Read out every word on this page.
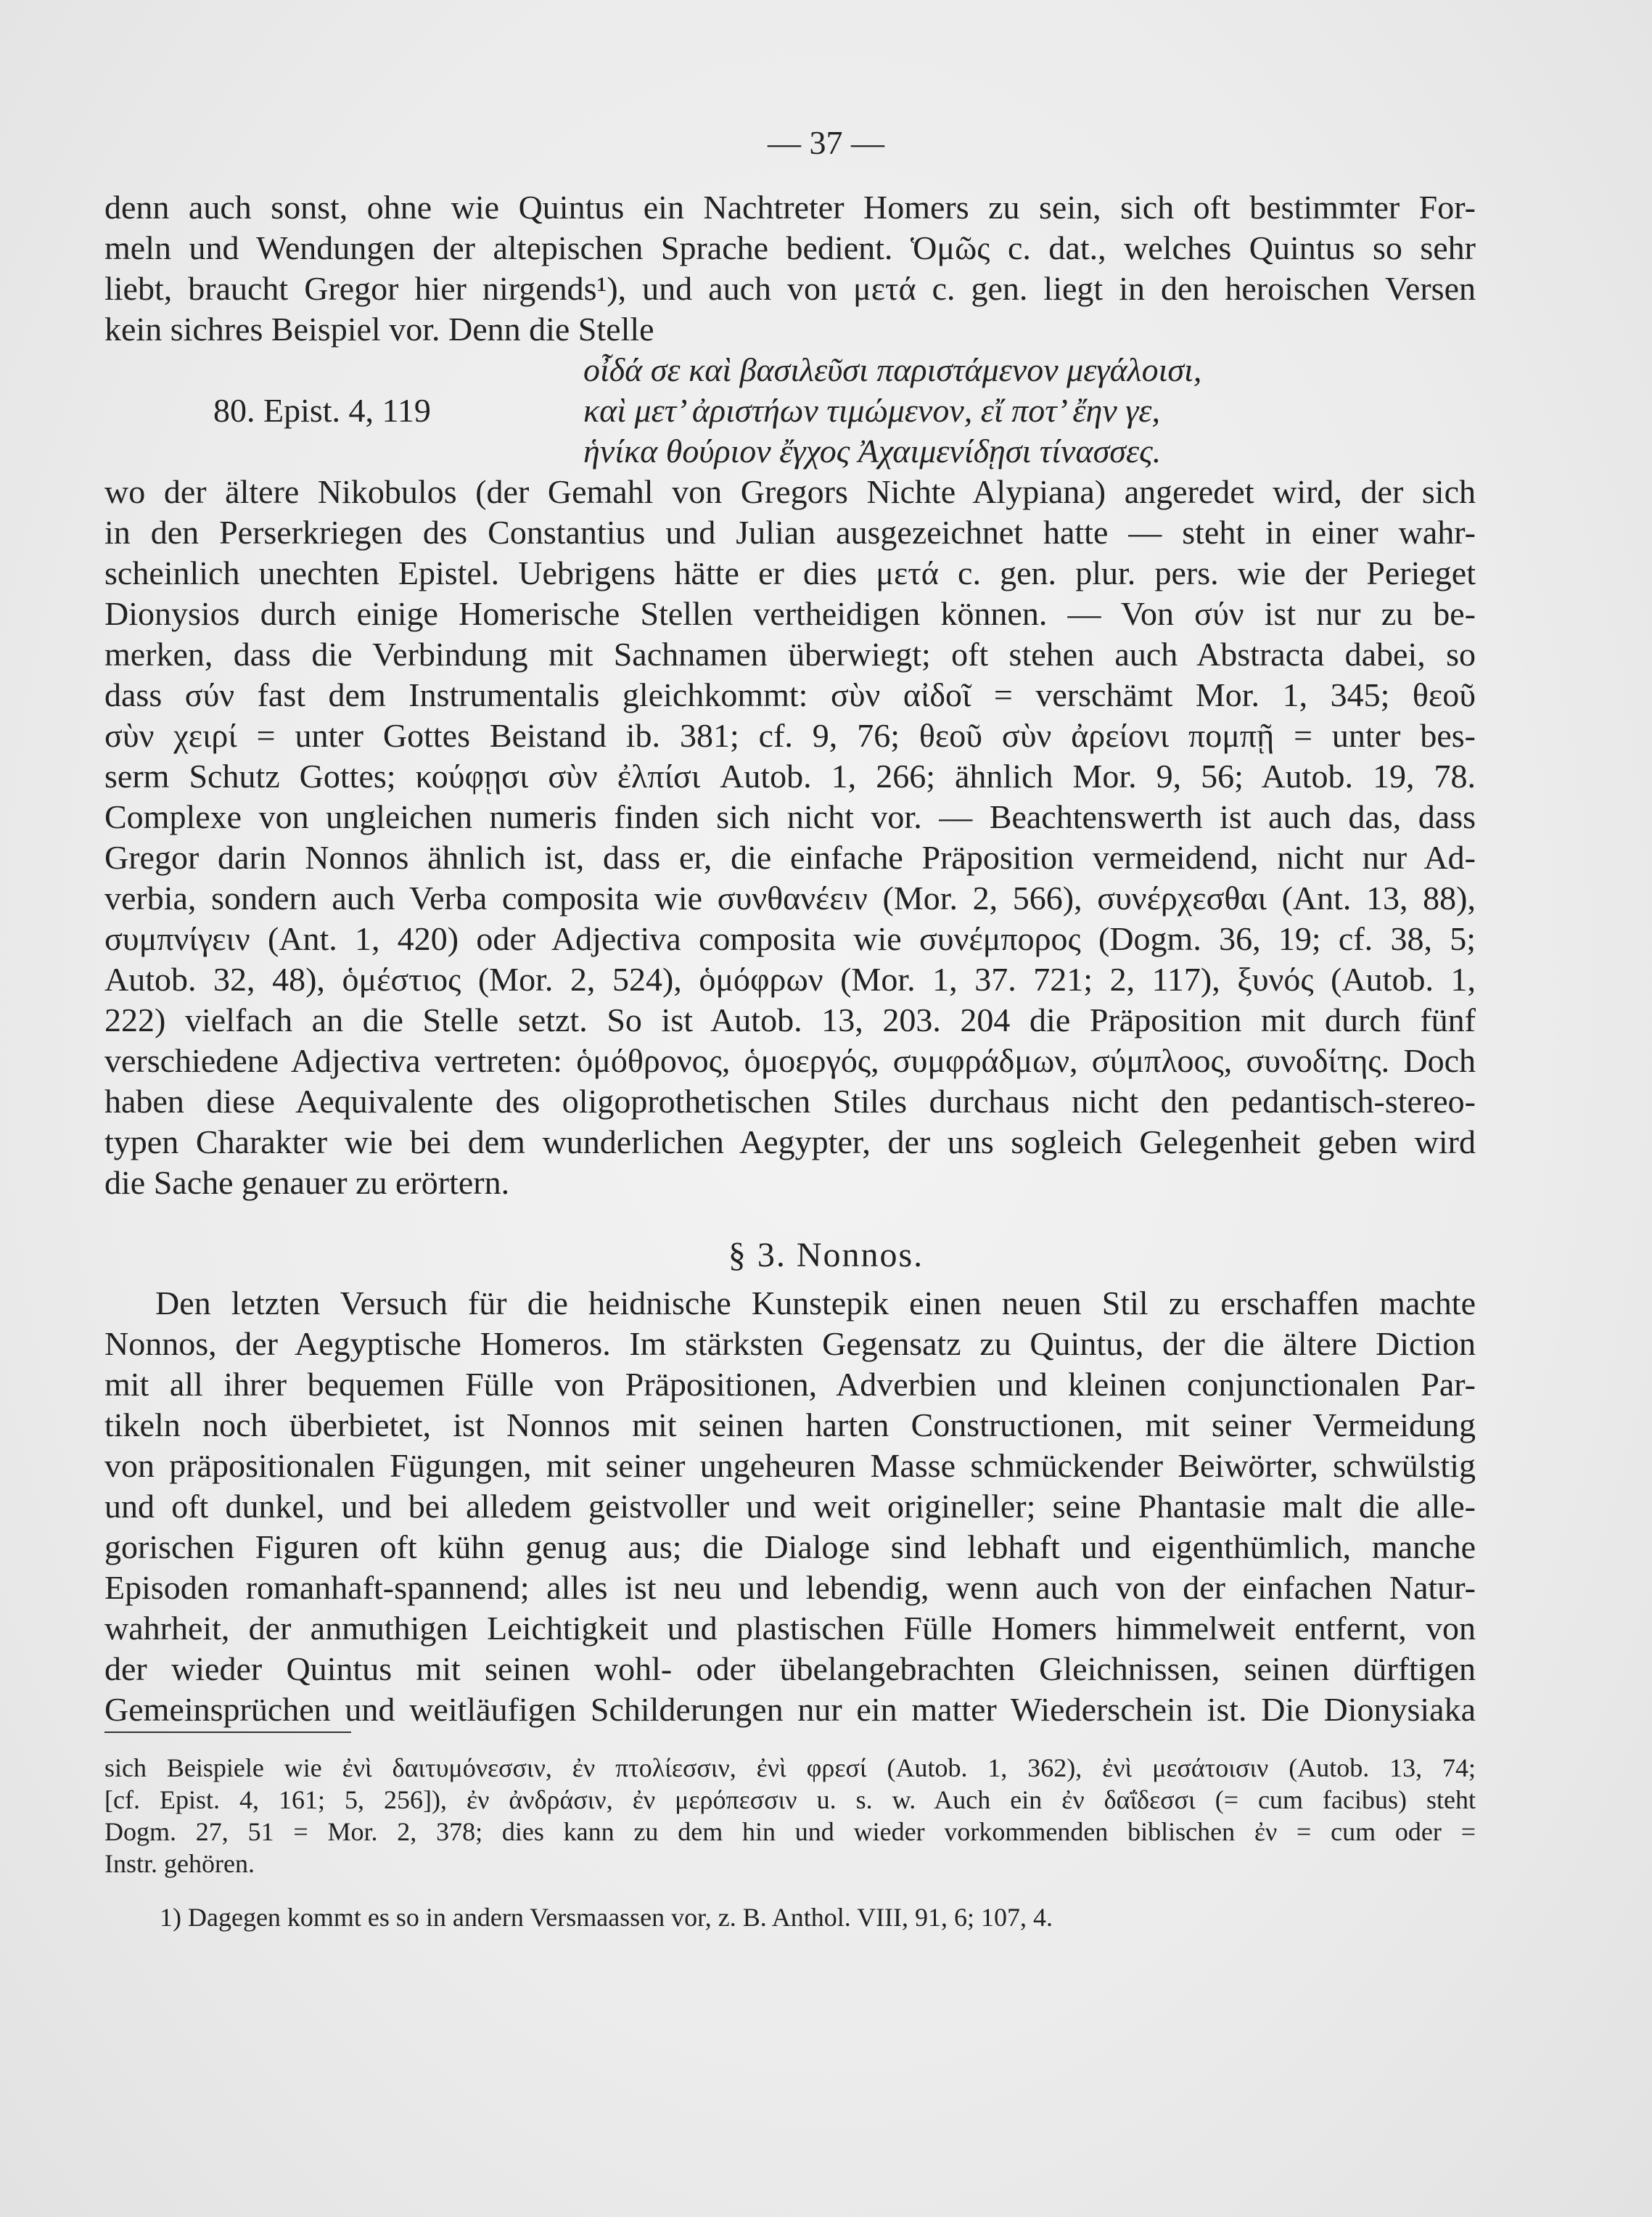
— 37 —
denn auch sonst, ohne wie Quintus ein Nachtreter Homers zu sein, sich oft bestimmter For-
meln und Wendungen der altepischen Sprache bedient. Ὁμῶς c. dat., welches Quintus so sehr
liebt, braucht Gregor hier nirgends¹), und auch von μετά c. gen. liegt in den heroischen Versen
kein sichres Beispiel vor. Denn die Stelle
οἶδά σε καὶ βασιλεῦσι παριστάμενον μεγάλοισι,
80. Epist. 4, 119	καὶ μετ’ ἀριστήων τιμώμενον, εἴ ποτ’ ἔην γε,
ἡνίκα θούριον ἔγχος Ἀχαιμενίδῃσι τίνασσες.
wo der ältere Nikobulos (der Gemahl von Gregors Nichte Alypiana) angeredet wird, der sich
in den Perserkriegen des Constantius und Julian ausgezeichnet hatte — steht in einer wahr-
scheinlich unechten Epistel. Uebrigens hätte er dies μετά c. gen. plur. pers. wie der Perieget
Dionysios durch einige Homerische Stellen vertheidigen können. — Von σύν ist nur zu be-
merken, dass die Verbindung mit Sachnamen überwiegt; oft stehen auch Abstracta dabei, so
dass σύν fast dem Instrumentalis gleichkommt: σὺν αἰδοῖ = verschämt Mor. 1, 345; θεοῦ
σὺν χειρί = unter Gottes Beistand ib. 381; cf. 9, 76; θεοῦ σὺν ἀρείονι πομπῇ = unter bes-
serm Schutz Gottes; κούφῃσι σὺν ἐλπίσι Autob. 1, 266; ähnlich Mor. 9, 56; Autob. 19, 78.
Complexe von ungleichen numeris finden sich nicht vor. — Beachtenswerth ist auch das, dass
Gregor darin Nonnos ähnlich ist, dass er, die einfache Präposition vermeidend, nicht nur Ad-
verbia, sondern auch Verba composita wie συνθανέειν (Mor. 2, 566), συνέρχεσθαι (Ant. 13, 88),
συμπνίγειν (Ant. 1, 420) oder Adjectiva composita wie συνέμπορος (Dogm. 36, 19; cf. 38, 5;
Autob. 32, 48), ὁμέστιος (Mor. 2, 524), ὁμόφρων (Mor. 1, 37. 721; 2, 117), ξυνός (Autob. 1,
222) vielfach an die Stelle setzt. So ist Autob. 13, 203. 204 die Präposition mit durch fünf
verschiedene Adjectiva vertreten: ὁμόθρονος, ὁμοεργός, συμφράδμων, σύμπλοος, συνοδίτης. Doch
haben diese Aequivalente des oligoprothetischen Stiles durchaus nicht den pedantisch-stereo-
typen Charakter wie bei dem wunderlichen Aegypter, der uns sogleich Gelegenheit geben wird
die Sache genauer zu erörtern.
§ 3. Nonnos.
Den letzten Versuch für die heidnische Kunstepik einen neuen Stil zu erschaffen machte
Nonnos, der Aegyptische Homeros. Im stärksten Gegensatz zu Quintus, der die ältere Diction
mit all ihrer bequemen Fülle von Präpositionen, Adverbien und kleinen conjunctionalen Par-
tikeln noch überbietet, ist Nonnos mit seinen harten Constructionen, mit seiner Vermeidung
von präpositionalen Fügungen, mit seiner ungeheuren Masse schmückender Beiwörter, schwülstig
und oft dunkel, und bei alledem geistvoller und weit origineller; seine Phantasie malt die alle-
gorischen Figuren oft kühn genug aus; die Dialoge sind lebhaft und eigenthümlich, manche
Episoden romanhaft-spannend; alles ist neu und lebendig, wenn auch von der einfachen Natur-
wahrheit, der anmuthigen Leichtigkeit und plastischen Fülle Homers himmelweit entfernt, von
der wieder Quintus mit seinen wohl- oder übelangebrachten Gleichnissen, seinen dürftigen
Gemeinsprüchen und weitläufigen Schilderungen nur ein matter Wiederschein ist. Die Dionysiaka
sich Beispiele wie ἐνὶ δαιτυμόνεσσιν, ἐν πτολίεσσιν, ἐνὶ φρεσί (Autob. 1, 362), ἐνὶ μεσάτοισιν (Autob. 13, 74;
[cf. Epist. 4, 161; 5, 256]), ἐν ἀνδράσιν, ἐν μερόπεσσιν u. s. w. Auch ein ἐν δαΐδεσσι (= cum facibus) steht
Dogm. 27, 51 = Mor. 2, 378; dies kann zu dem hin und wieder vorkommenden biblischen ἐν = cum oder =
Instr. gehören.
1) Dagegen kommt es so in andern Versmaassen vor, z. B. Anthol. VIII, 91, 6; 107, 4.
